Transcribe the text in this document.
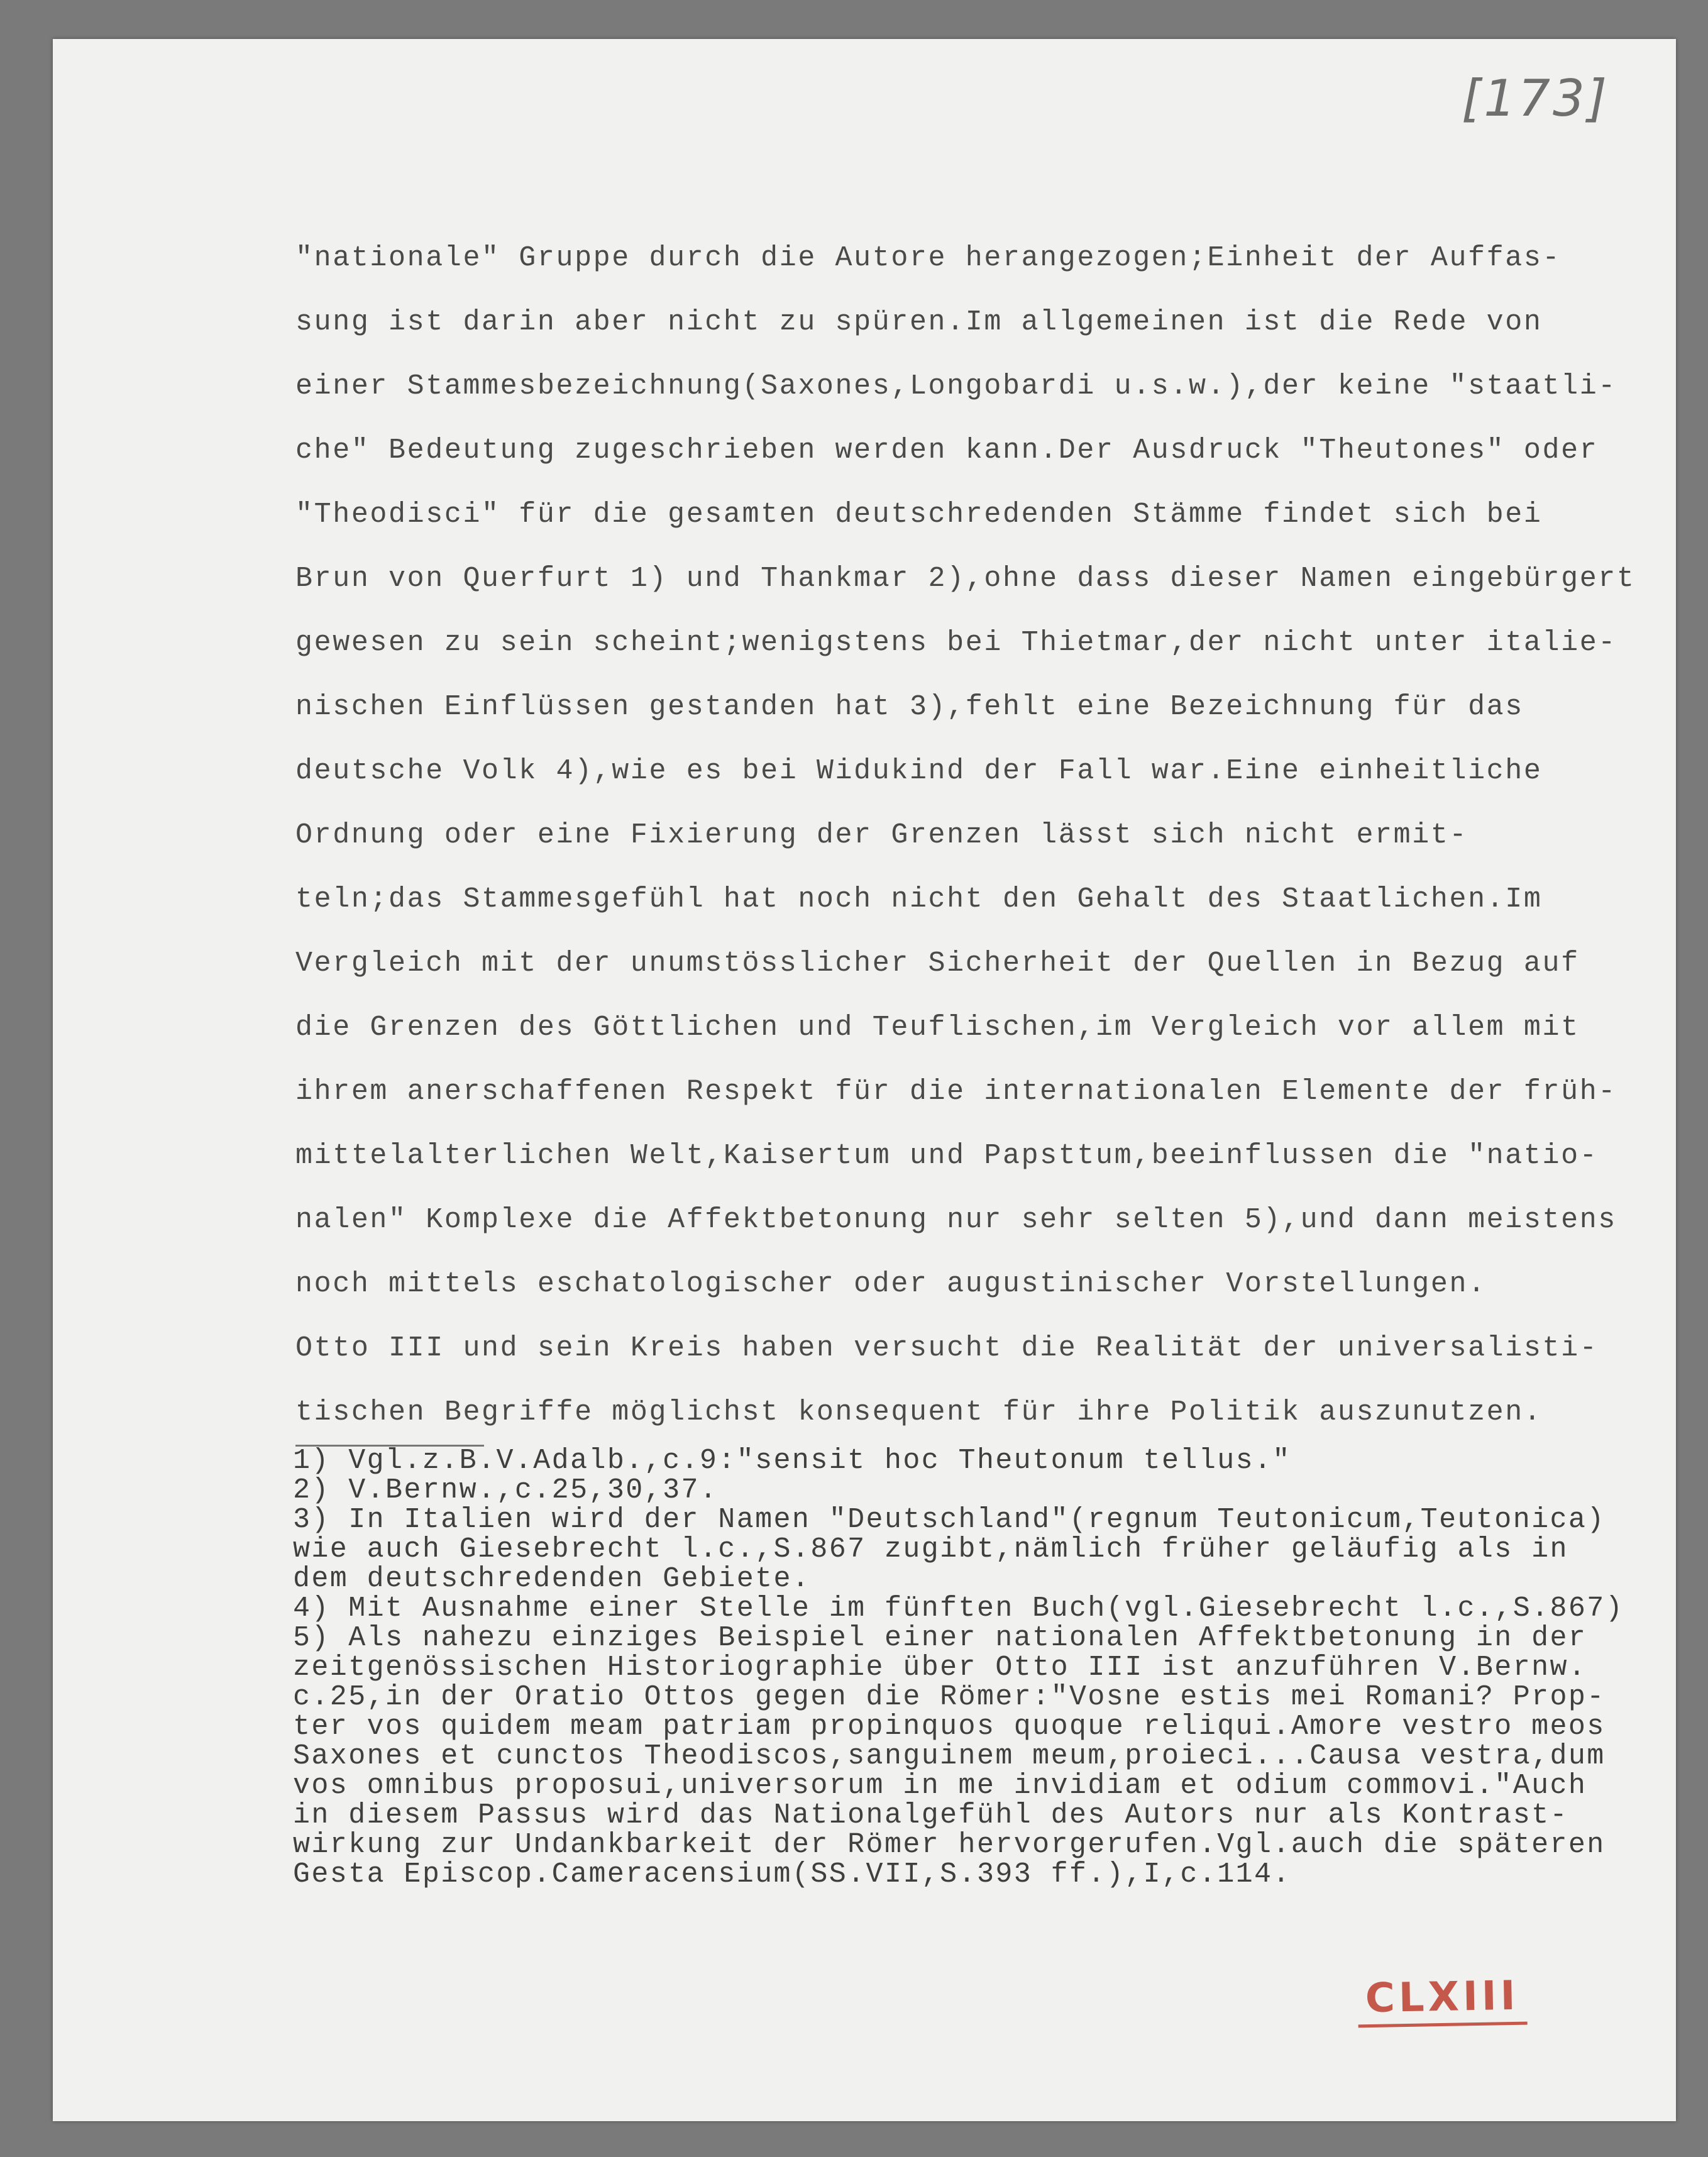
[173]
"nationale" Gruppe durch die Autore herangezogen;Einheit der Auffas-
sung ist darin aber nicht zu spüren.Im allgemeinen ist die Rede von
einer Stammesbezeichnung(Saxones,Longobardi u.s.w.),der keine "staatli-
che" Bedeutung zugeschrieben werden kann.Der Ausdruck "Theutones" oder
"Theodisci" für die gesamten deutschredenden Stämme findet sich bei
Brun von Querfurt 1) und Thankmar 2),ohne dass dieser Namen eingebürgert
gewesen zu sein scheint;wenigstens bei Thietmar,der nicht unter italie-
nischen Einflüssen gestanden hat 3),fehlt eine Bezeichnung für das
deutsche Volk 4),wie es bei Widukind der Fall war.Eine einheitliche
Ordnung oder eine Fixierung der Grenzen lässt sich nicht ermit-
teln;das Stammesgefühl hat noch nicht den Gehalt des Staatlichen.Im
Vergleich mit der unumstösslicher Sicherheit der Quellen in Bezug auf
die Grenzen des Göttlichen und Teuflischen,im Vergleich vor allem mit
ihrem anerschaffenen Respekt für die internationalen Elemente der früh-
mittelalterlichen Welt,Kaisertum und Papsttum,beeinflussen die "natio-
nalen" Komplexe die Affektbetonung nur sehr selten 5),und dann meistens
noch mittels eschatologischer oder augustinischer Vorstellungen.
Otto III und sein Kreis haben versucht die Realität der universalisti-
tischen Begriffe möglichst konsequent für ihre Politik auszunutzen.
1) Vgl.z.B.V.Adalb.,c.9:"sensit hoc Theutonum tellus."
2) V.Bernw.,c.25,30,37.
3) In Italien wird der Namen "Deutschland"(regnum Teutonicum,Teutonica)
wie auch Giesebrecht l.c.,S.867 zugibt,nämlich früher geläufig als in
dem deutschredenden Gebiete.
4) Mit Ausnahme einer Stelle im fünften Buch(vgl.Giesebrecht l.c.,S.867)
5) Als nahezu einziges Beispiel einer nationalen Affektbetonung in der
zeitgenössischen Historiographie über Otto III ist anzuführen V.Bernw.
c.25,in der Oratio Ottos gegen die Römer:"Vosne estis mei Romani? Prop-
ter vos quidem meam patriam propinquos quoque reliqui.Amore vestro meos
Saxones et cunctos Theodiscos,sanguinem meum,proieci...Causa vestra,dum
vos omnibus proposui,universorum in me invidiam et odium commovi."Auch
in diesem Passus wird das Nationalgefühl des Autors nur als Kontrast-
wirkung zur Undankbarkeit der Römer hervorgerufen.Vgl.auch die späteren
Gesta Episcop.Cameracensium(SS.VII,S.393 ff.),I,c.114.
CLXIII
